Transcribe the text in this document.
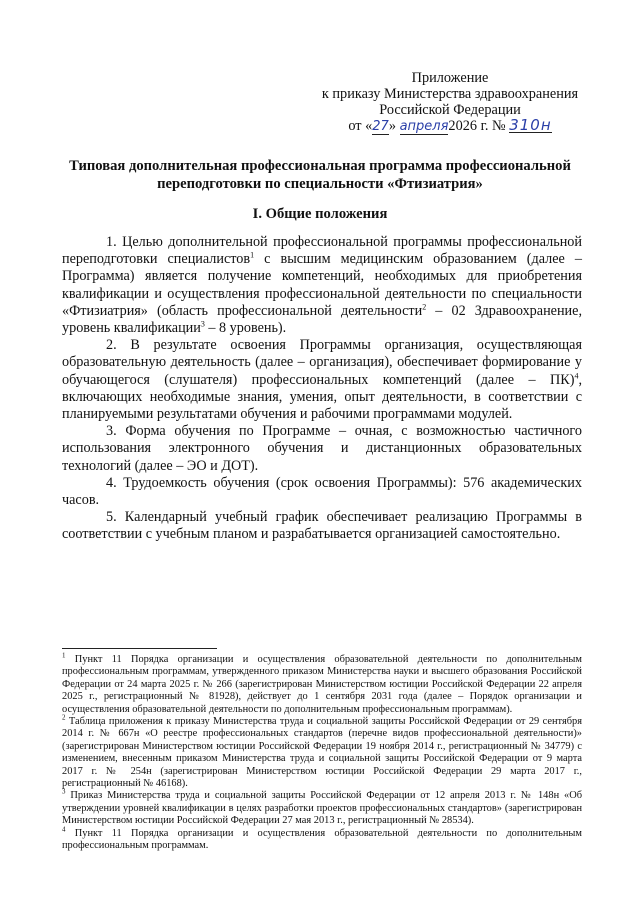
Приложение
к приказу Министерства здравоохранения
Российской Федерации
от «27» апреля2026 г. № 310н
Типовая дополнительная профессиональная программа профессиональной
переподготовки по специальности «Фтизиатрия»
I. Общие положения

1. Целью дополнительной профессиональной программы профессиональной переподготовки специалистов$^1$ с высшим медицинским образованием (далее – Программа) является получение компетенций, необходимых для приобретения квалификации и осуществления профессиональной деятельности по специальности «Фтизиатрия» (область профессиональной деятельности$^2$ – 02 Здравоохранение, уровень квалификации$^3$ – 8 уровень).

2. В результате освоения Программы организация, осуществляющая образовательную деятельность (далее – организация), обеспечивает формирование у обучающегося (слушателя) профессиональных компетенций (далее – ПК)$^4$, включающих необходимые знания, умения, опыт деятельности, в соответствии с планируемыми результатами обучения и рабочими программами модулей.

3. Форма обучения по Программе – очная, с возможностью частичного использования электронного обучения и дистанционных образовательных технологий (далее – ЭО и ДОТ).

4. Трудоемкость обучения (срок освоения Программы): 576 академических часов.

5. Календарный учебный график обеспечивает реализацию Программы в соответствии с учебным планом и разрабатывается организацией самостоятельно.

$^1$ Пункт 11 Порядка организации и осуществления образовательной деятельности по дополнительным профессиональным программам, утвержденного приказом Министерства науки и высшего образования Российской Федерации от 24 марта 2025 г. № 266 (зарегистрирован Министерством юстиции Российской Федерации 22 апреля 2025 г., регистрационный № 81928), действует до 1 сентября 2031 года (далее – Порядок организации и осуществления образовательной деятельности по дополнительным профессиональным программам).

$^2$ Таблица приложения к приказу Министерства труда и социальной защиты Российской Федерации от 29 сентября 2014 г. № 667н «О реестре профессиональных стандартов (перечне видов профессиональной деятельности)» (зарегистрирован Министерством юстиции Российской Федерации 19 ноября 2014 г., регистрационный № 34779) с изменением, внесенным приказом Министерства труда и социальной защиты Российской Федерации от 9 марта 2017 г. № 254н (зарегистрирован Министерством юстиции Российской Федерации 29 марта 2017 г., регистрационный № 46168).

$^3$ Приказ Министерства труда и социальной защиты Российской Федерации от 12 апреля 2013 г. № 148н «Об утверждении уровней квалификации в целях разработки проектов профессиональных стандартов» (зарегистрирован Министерством юстиции Российской Федерации 27 мая 2013 г., регистрационный № 28534).

$^4$ Пункт 11 Порядка организации и осуществления образовательной деятельности по дополнительным профессиональным программам.
